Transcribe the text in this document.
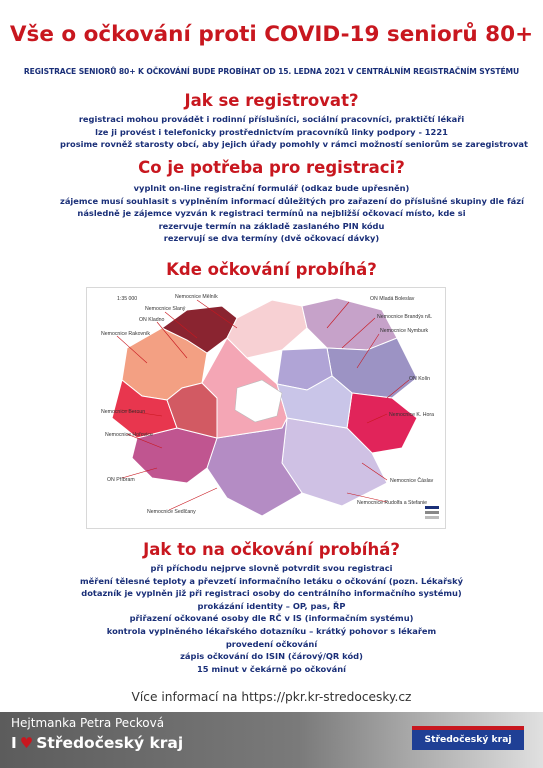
Vše o očkování proti COVID-19 seniorů 80+
REGISTRACE SENIORŮ 80+ K OČKOVÁNÍ BUDE PROBÍHAT OD 15. LEDNA 2021 V CENTRÁLNÍM REGISTRAČNÍM SYSTÉMU
Jak se registrovat?
registraci mohou provádět i rodinní příslušníci, sociální pracovníci, praktičtí lékaři
lze ji provést i telefonicky prostřednictvím pracovníků linky podpory - 1221
prosime rovněž starosty obcí, aby jejich úřady pomohly v rámci možností seniorům se zaregistrovat
Co je potřeba pro registraci?
vyplnit on-line registrační formulář (odkaz bude upřesněn)
zájemce musí souhlasit s vyplněním informací důležitých pro zařazení do příslušné skupiny dle fází
následně je zájemce vyzván k registraci termínů na nejbližší očkovací místo, kde si rezervuje termín na základě zaslaného PIN kódu
rezervují se dva termíny (dvě očkovací dávky)
Kde očkování probíhá?
1:35 000	Nemocnice Mělník
Nemocnice Slaný
ON Kladno
Nemocnice Rakovník
Nemocnice Beroun
Nemocnice Hořovice
ON Příbram
Nemocnice Sedlčany
ON Mladá Boleslav
Nemocnice Brandýs n/L
Nemocnice Nymburk
ON Kolín
Nemocnice K. Hora
Nemocnice Čáslav
Nemocnice Rudolfa a Stefanie
Jak to na očkování probíhá?
při příchodu nejprve slovně potvrdit svou registraci
měření tělesné teploty a převzetí informačního letáku o očkování (pozn. Lékařský dotazník je vyplněn již při registraci osoby do centrálního informačního systému)
prokázání identity – OP, pas, ŘP
přiřazení očkované osoby dle RČ v IS (informačním systému)
kontrola vyplněného lékařského dotazníku – krátký pohovor s lékařem
provedení očkování
zápis očkování do ISIN (čárový/QR kód)
15 minut v čekárně po očkování
Více informací na https://pkr.kr-stredocesky.cz
Hejtmanka Petra Pecková
I ♥ Středočeský kraj	Středočeský kraj
